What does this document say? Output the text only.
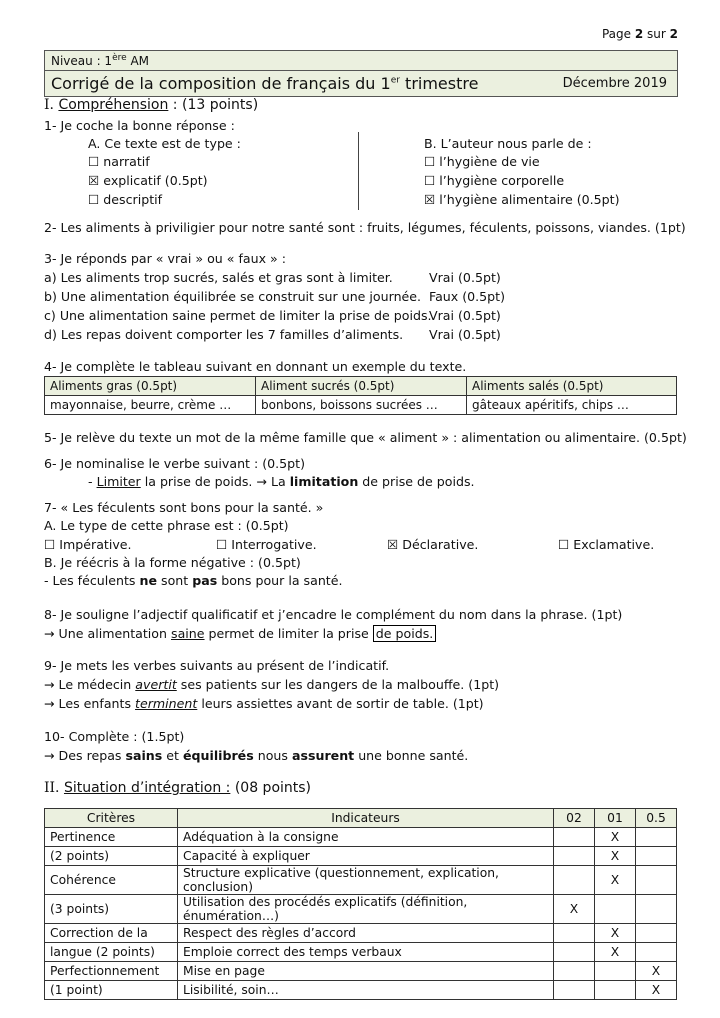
Page 2 sur 2
Niveau : 1ère AM
Corrigé de la composition de français du 1er trimestre	Décembre 2019
I. Compréhension : (13 points)
1- Je coche la bonne réponse :
A. Ce texte est de type :
☐ narratif
☒ explicatif (0.5pt)
☐ descriptif
B. L’auteur nous parle de :
☐ l’hygiène de vie
☐ l’hygiène corporelle
☒ l’hygiène alimentaire (0.5pt)
2- Les aliments à priviligier pour notre santé sont : fruits, légumes, féculents, poissons, viandes. (1pt)
3- Je réponds par « vrai » ou « faux » :
a) Les aliments trop sucrés, salés et gras sont à limiter.	Vrai (0.5pt)
b) Une alimentation équilibrée se construit sur une journée. Faux (0.5pt)
c) Une alimentation saine permet de limiter la prise de poids.
Vrai (0.5pt)
d) Les repas doivent comporter les 7 familles d’aliments. Vrai (0.5pt)
4- Je complète le tableau suivant en donnant un exemple du texte.
Aliments gras (0.5pt)	Aliment sucrés (0.5pt)	Aliments salés (0.5pt)
mayonnaise, beurre, crème …	bonbons, boissons sucrées …	gâteaux apéritifs, chips …
5- Je relève du texte un mot de la même famille que « aliment » : alimentation ou alimentaire. (0.5pt)
6- Je nominalise le verbe suivant : (0.5pt)
- Limiter la prise de poids. → La limitation de prise de poids.
7- « Les féculents sont bons pour la santé. »
A. Le type de cette phrase est : (0.5pt)
☐ Impérative.	☐ Interrogative.	☒ Déclarative.	☐ Exclamative.
B. Je réécris à la forme négative : (0.5pt)
- Les féculents ne sont pas bons pour la santé.
8- Je souligne l’adjectif qualificatif et j’encadre le complément du nom dans la phrase. (1pt)
→ Une alimentation saine permet de limiter la prise de poids.
9- Je mets les verbes suivants au présent de l’indicatif.
→ Le médecin avertit ses patients sur les dangers de la malbouffe. (1pt)
→ Les enfants terminent leurs assiettes avant de sortir de table. (1pt)
10- Complète : (1.5pt)
→ Des repas sains et équilibrés nous assurent une bonne santé.
II. Situation d’intégration : (08 points)
Critères	Indicateurs	02	01	0.5
Pertinence	Adéquation à la consigne		X	
(2 points)	Capacité à expliquer		X	
Cohérence	Structure explicative (questionnement, explication, conclusion)		X	
(3 points)	Utilisation des procédés explicatifs (définition, énumération…)	X		
Correction de la	Respect des règles d’accord		X	
langue (2 points)	Emploie correct des temps verbaux		X	
Perfectionnement	Mise en page			X
(1 point)	Lisibilité, soin…			X
